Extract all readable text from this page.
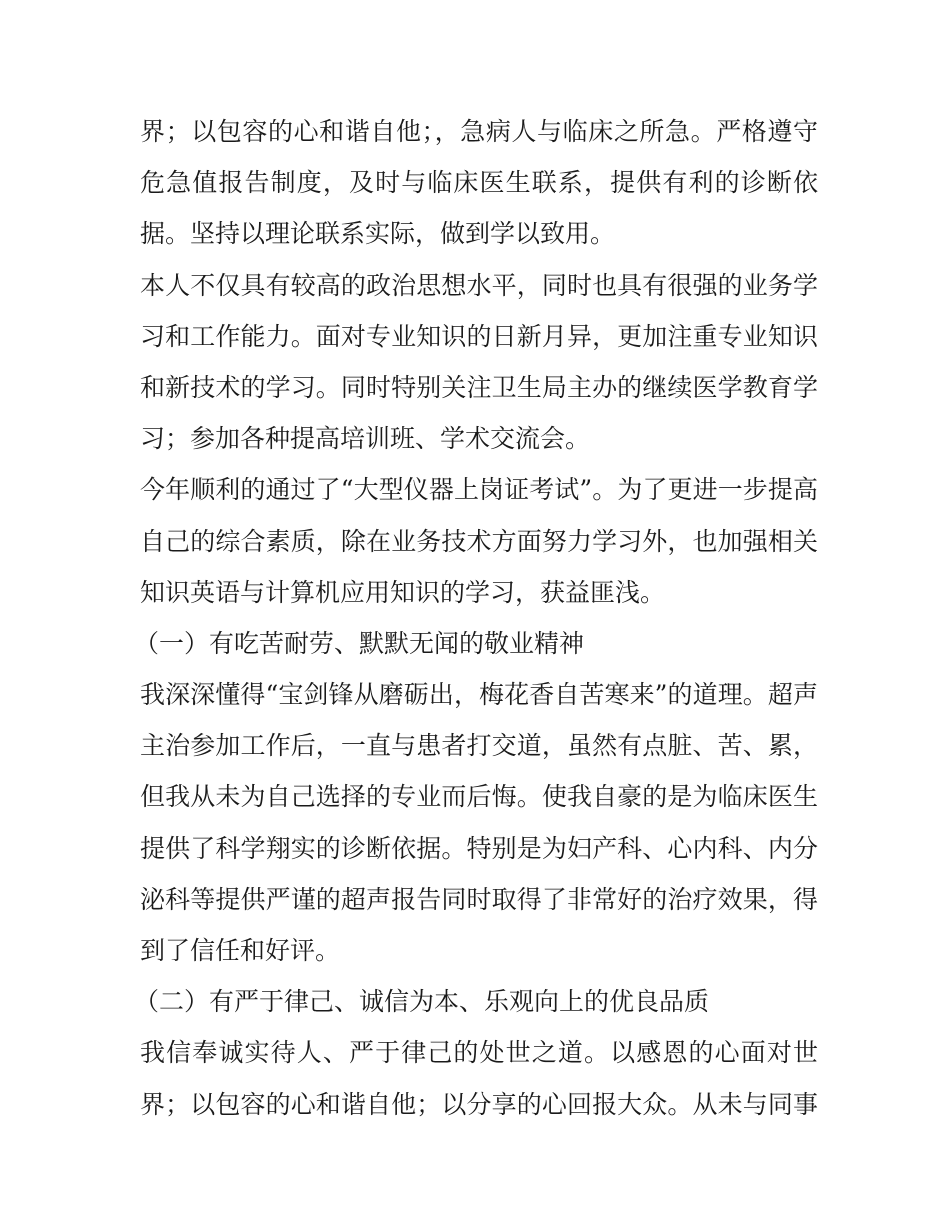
界；以包容的心和谐自他；，急病人与临床之所急。严格遵守
危急值报告制度，及时与临床医生联系，提供有利的诊断依
据。坚持以理论联系实际，做到学以致用。
本人不仅具有较高的政治思想水平，同时也具有很强的业务学
习和工作能力。面对专业知识的日新月异，更加注重专业知识
和新技术的学习。同时特别关注卫生局主办的继续医学教育学
习；参加各种提高培训班、学术交流会。
今年顺利的通过了“大型仪器上岗证考试”。为了更进一步提高
自己的综合素质，除在业务技术方面努力学习外，也加强相关
知识英语与计算机应用知识的学习，获益匪浅。
（一）有吃苦耐劳、默默无闻的敬业精神
我深深懂得“宝剑锋从磨砺出，梅花香自苦寒来”的道理。超声
主治参加工作后，一直与患者打交道，虽然有点脏、苦、累，
但我从未为自己选择的专业而后悔。使我自豪的是为临床医生
提供了科学翔实的诊断依据。特别是为妇产科、心内科、内分
泌科等提供严谨的超声报告同时取得了非常好的治疗效果，得
到了信任和好评。
（二）有严于律己、诚信为本、乐观向上的优良品质
我信奉诚实待人、严于律己的处世之道。以感恩的心面对世
界；以包容的心和谐自他；以分享的心回报大众。从未与同事
